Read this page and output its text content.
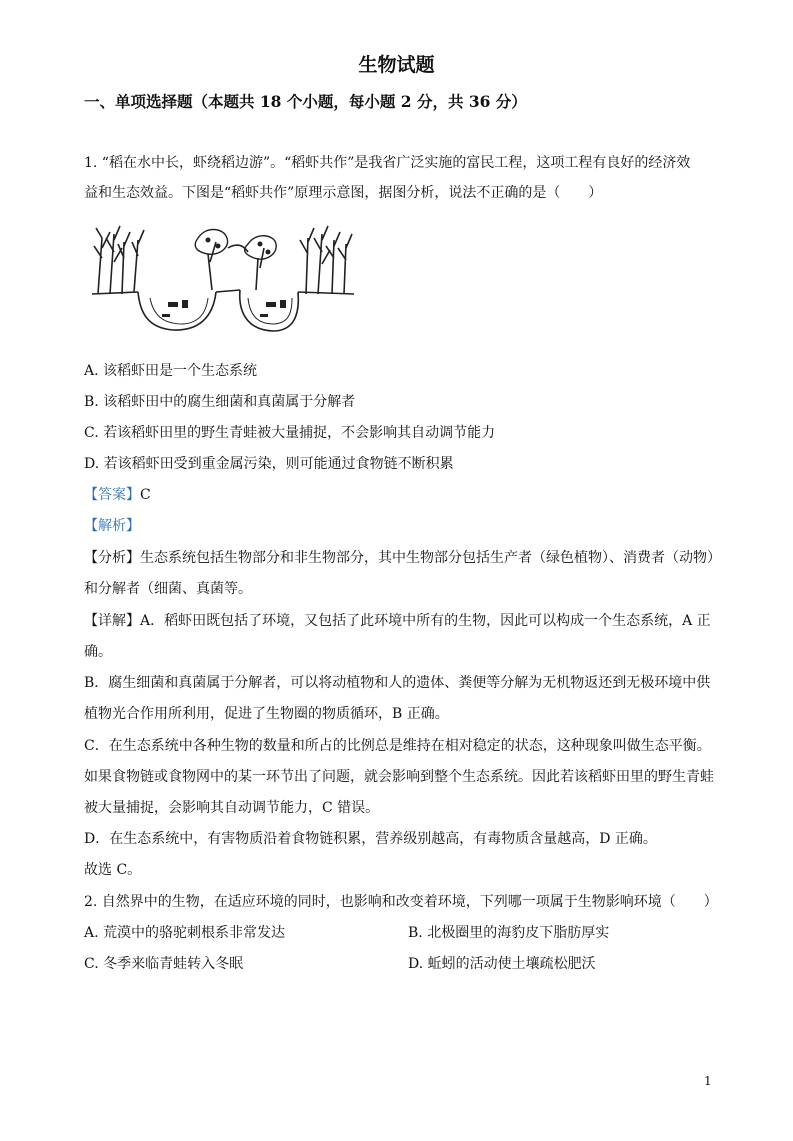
生物试题
一、单项选择题（本题共 18 个小题，每小题 2 分，共 36 分）
1. “稻在水中长，虾绕稻边游”。“稻虾共作”是我省广泛实施的富民工程，这项工程有良好的经济效
益和生态效益。下图是“稻虾共作”原理示意图，据图分析，说法不正确的是（　　）
A. 该稻虾田是一个生态系统
B. 该稻虾田中的腐生细菌和真菌属于分解者
C. 若该稻虾田里的野生青蛙被大量捕捉，不会影响其自动调节能力
D. 若该稻虾田受到重金属污染，则可能通过食物链不断积累
【答案】C
【解析】
【分析】生态系统包括生物部分和非生物部分，其中生物部分包括生产者（绿色植物）、消费者（动物）
和分解者（细菌、真菌等。
【详解】A．稻虾田既包括了环境，又包括了此环境中所有的生物，因此可以构成一个生态系统，A 正
确。
B．腐生细菌和真菌属于分解者，可以将动植物和人的遗体、粪便等分解为无机物返还到无极环境中供
植物光合作用所利用，促进了生物圈的物质循环，B 正确。
C．在生态系统中各种生物的数量和所占的比例总是维持在相对稳定的状态，这种现象叫做生态平衡。
如果食物链或食物网中的某一环节出了问题，就会影响到整个生态系统。因此若该稻虾田里的野生青蛙
被大量捕捉，会影响其自动调节能力，C 错误。
D．在生态系统中，有害物质沿着食物链积累，营养级别越高，有毒物质含量越高，D 正确。
故选 C。
2. 自然界中的生物，在适应环境的同时，也影响和改变着环境，下列哪一项属于生物影响环境（　　）
A. 荒漠中的骆驼刺根系非常发达	B. 北极圈里的海豹皮下脂肪厚实
C. 冬季来临青蛙转入冬眠	D. 蚯蚓的活动使土壤疏松肥沃
1
